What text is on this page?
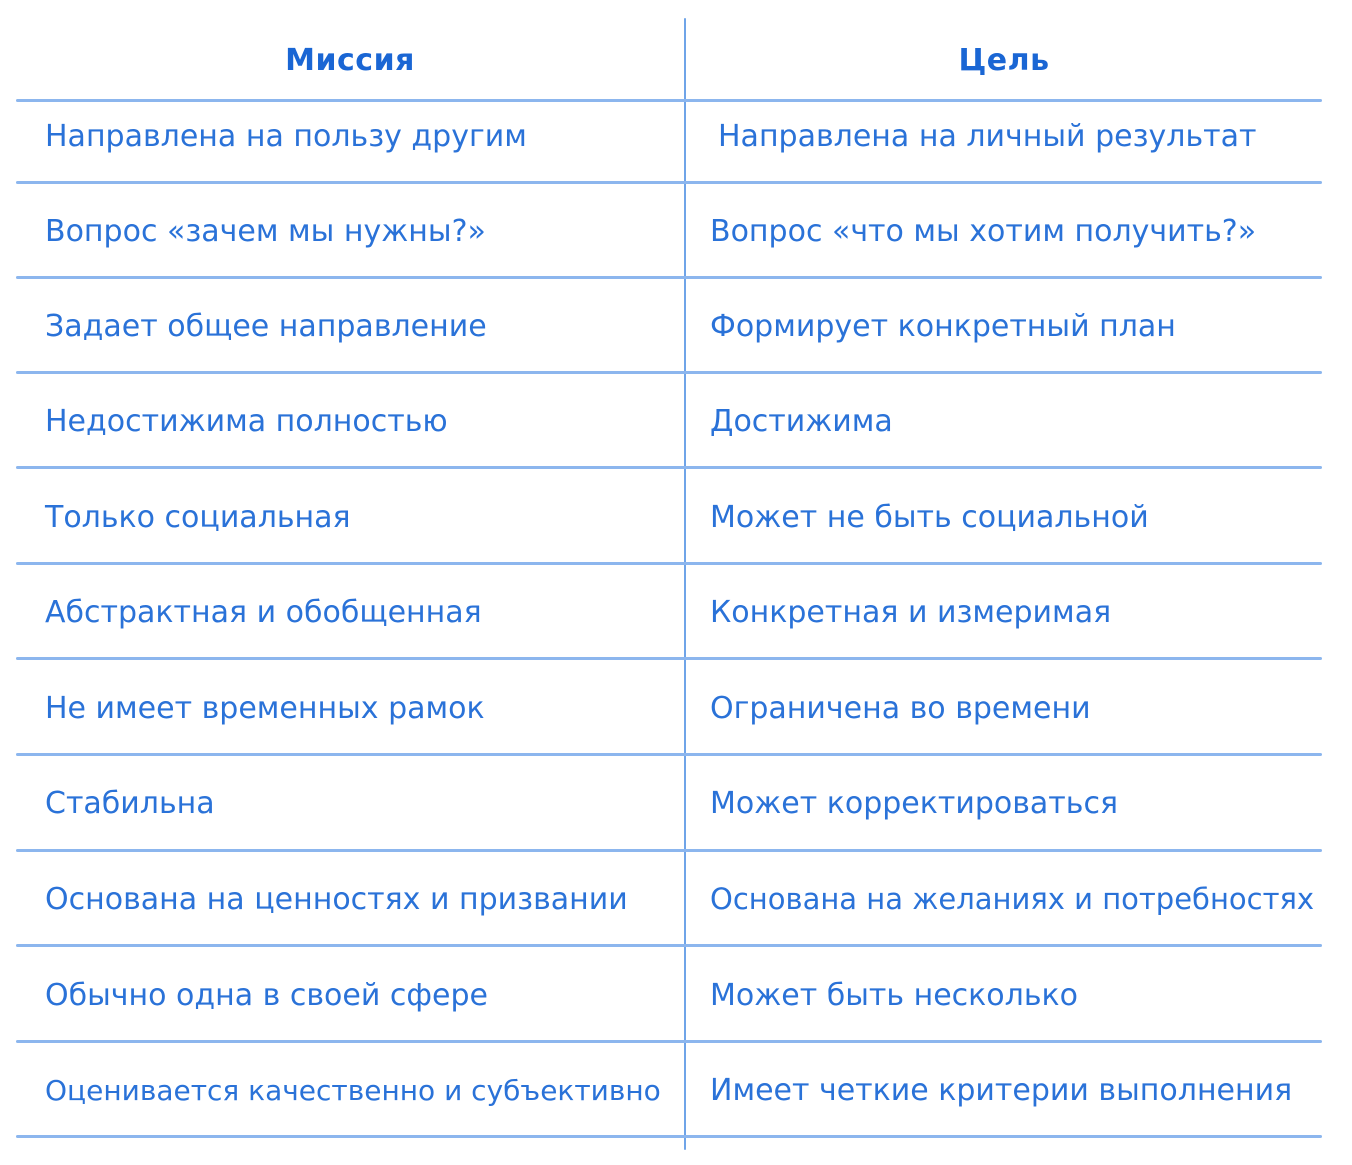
Миссия	Цель
Направлена на пользу другим	Направлена на личный результат
Вопрос «зачем мы нужны?»	Вопрос «что мы хотим получить?»
Задает общее направление	Формирует конкретный план
Недостижима полностью	Достижима
Только социальная	Может не быть социальной
Абстрактная и обобщенная	Конкретная и измеримая
Не имеет временных рамок	Ограничена во времени
Стабильна	Может корректироваться
Основана на ценностях и призвании	Основана на желаниях и потребностях
Обычно одна в своей сфере	Может быть несколько
Оценивается качественно и субъективно	Имеет четкие критерии выполнения
